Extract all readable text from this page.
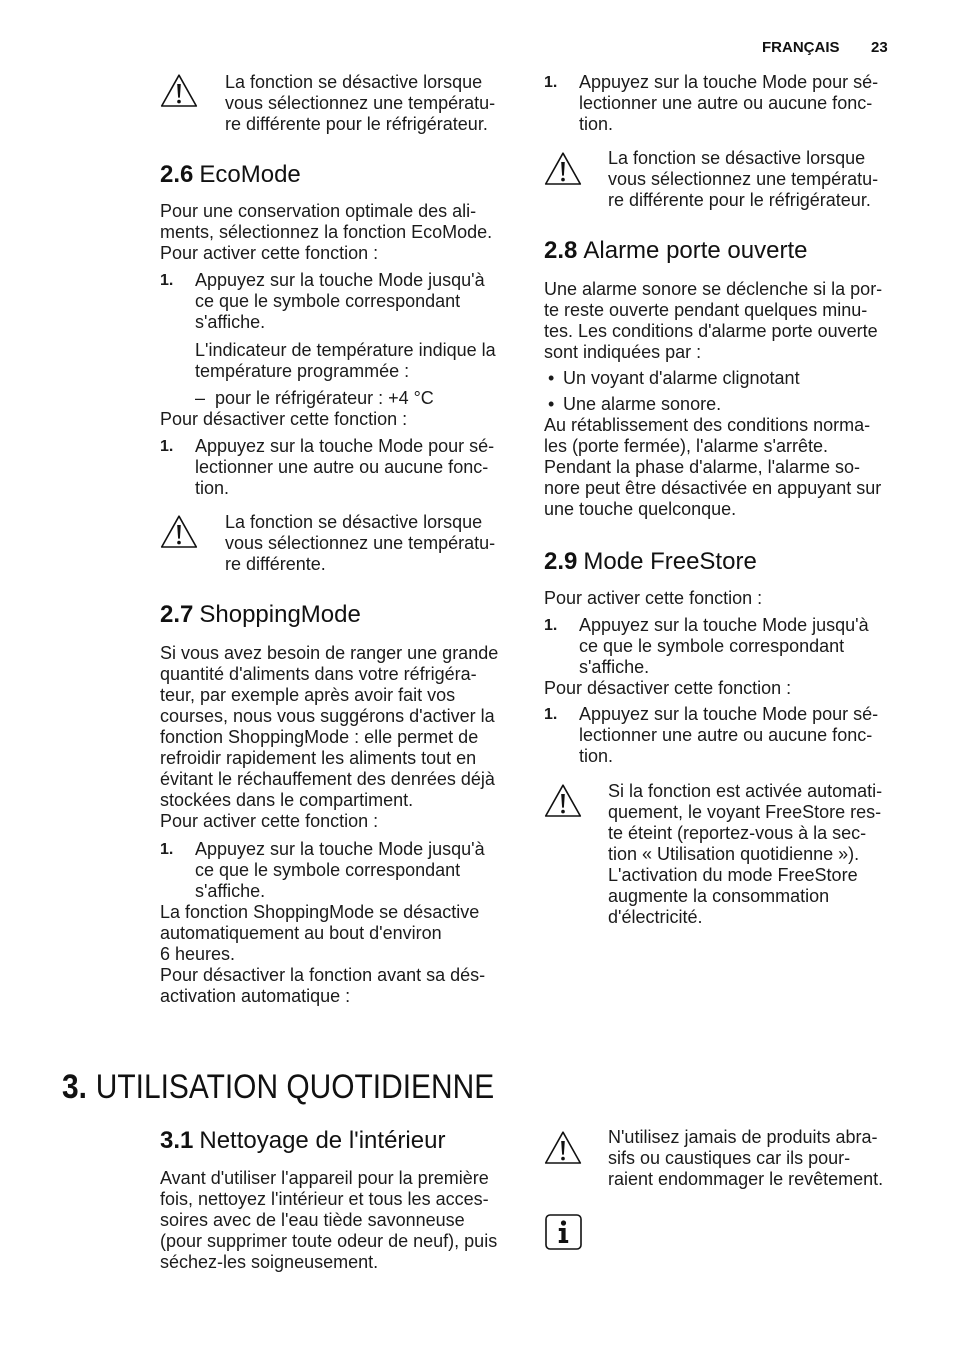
FRANÇAIS 23
La fonction se désactive lorsque
vous sélectionnez une températu-
re différente pour le réfrigérateur.
2.6 EcoMode
Pour une conservation optimale des ali-
ments, sélectionnez la fonction EcoMode.
Pour activer cette fonction :
1. Appuyez sur la touche Mode jusqu'à
ce que le symbole correspondant
s'affiche.
L'indicateur de température indique la
température programmée :
– pour le réfrigérateur : +4 °C
Pour désactiver cette fonction :
1. Appuyez sur la touche Mode pour sé-
lectionner une autre ou aucune fonc-
tion.
La fonction se désactive lorsque
vous sélectionnez une températu-
re différente.
2.7 ShoppingMode
Si vous avez besoin de ranger une grande
quantité d'aliments dans votre réfrigéra-
teur, par exemple après avoir fait vos
courses, nous vous suggérons d'activer la
fonction ShoppingMode : elle permet de
refroidir rapidement les aliments tout en
évitant le réchauffement des denrées déjà
stockées dans le compartiment.
Pour activer cette fonction :
1. Appuyez sur la touche Mode jusqu'à
ce que le symbole correspondant
s'affiche.
La fonction ShoppingMode se désactive
automatiquement au bout d'environ
6 heures.
Pour désactiver la fonction avant sa dés-
activation automatique :
1. Appuyez sur la touche Mode pour sé-
lectionner une autre ou aucune fonc-
tion.
La fonction se désactive lorsque
vous sélectionnez une températu-
re différente pour le réfrigérateur.
2.8 Alarme porte ouverte
Une alarme sonore se déclenche si la por-
te reste ouverte pendant quelques minu-
tes. Les conditions d'alarme porte ouverte
sont indiquées par :
• Un voyant d'alarme clignotant
• Une alarme sonore.
Au rétablissement des conditions norma-
les (porte fermée), l'alarme s'arrête.
Pendant la phase d'alarme, l'alarme so-
nore peut être désactivée en appuyant sur
une touche quelconque.
2.9 Mode FreeStore
Pour activer cette fonction :
1. Appuyez sur la touche Mode jusqu'à
ce que le symbole correspondant
s'affiche.
Pour désactiver cette fonction :
1. Appuyez sur la touche Mode pour sé-
lectionner une autre ou aucune fonc-
tion.
Si la fonction est activée automati-
quement, le voyant FreeStore res-
te éteint (reportez-vous à la sec-
tion « Utilisation quotidienne »).
L'activation du mode FreeStore
augmente la consommation
d'électricité.
3. UTILISATION QUOTIDIENNE
3.1 Nettoyage de l'intérieur
Avant d'utiliser l'appareil pour la première
fois, nettoyez l'intérieur et tous les acces-
soires avec de l'eau tiède savonneuse
(pour supprimer toute odeur de neuf), puis
séchez-les soigneusement.
N'utilisez jamais de produits abra-
sifs ou caustiques car ils pour-
raient endommager le revêtement.
